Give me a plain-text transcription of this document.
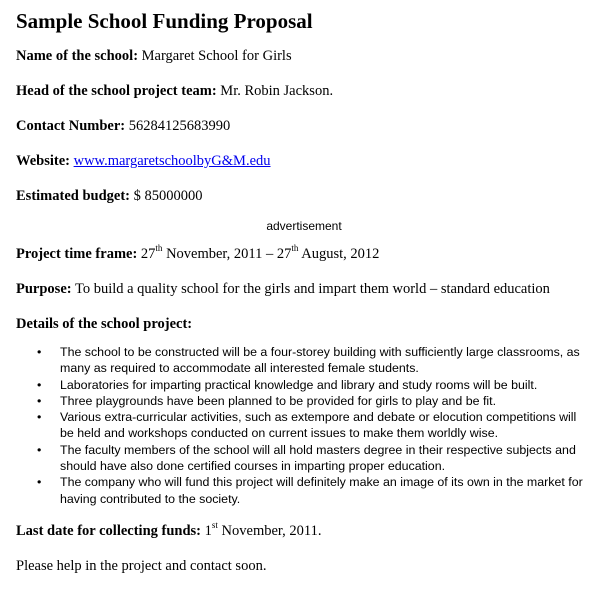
Sample School Funding Proposal
Name of the school: Margaret School for Girls
Head of the school project team: Mr. Robin Jackson.
Contact Number: 56284125683990
Website: www.margaretschoolbyG&M.edu
Estimated budget: $ 85000000
advertisement
Project time frame: 27th November, 2011 – 27th August, 2012
Purpose: To build a quality school for the girls and impart them world – standard education
Details of the school project:
• The school to be constructed will be a four-storey building with sufficiently large classrooms, as many as required to accommodate all interested female students.
• Laboratories for imparting practical knowledge and library and study rooms will be built.
• Three playgrounds have been planned to be provided for girls to play and be fit.
• Various extra-curricular activities, such as extempore and debate or elocution competitions will be held and workshops conducted on current issues to make them worldly wise.
• The faculty members of the school will all hold masters degree in their respective subjects and should have also done certified courses in imparting proper education.
• The company who will fund this project will definitely make an image of its own in the market for having contributed to the society.
Last date for collecting funds: 1st November, 2011.
Please help in the project and contact soon.
